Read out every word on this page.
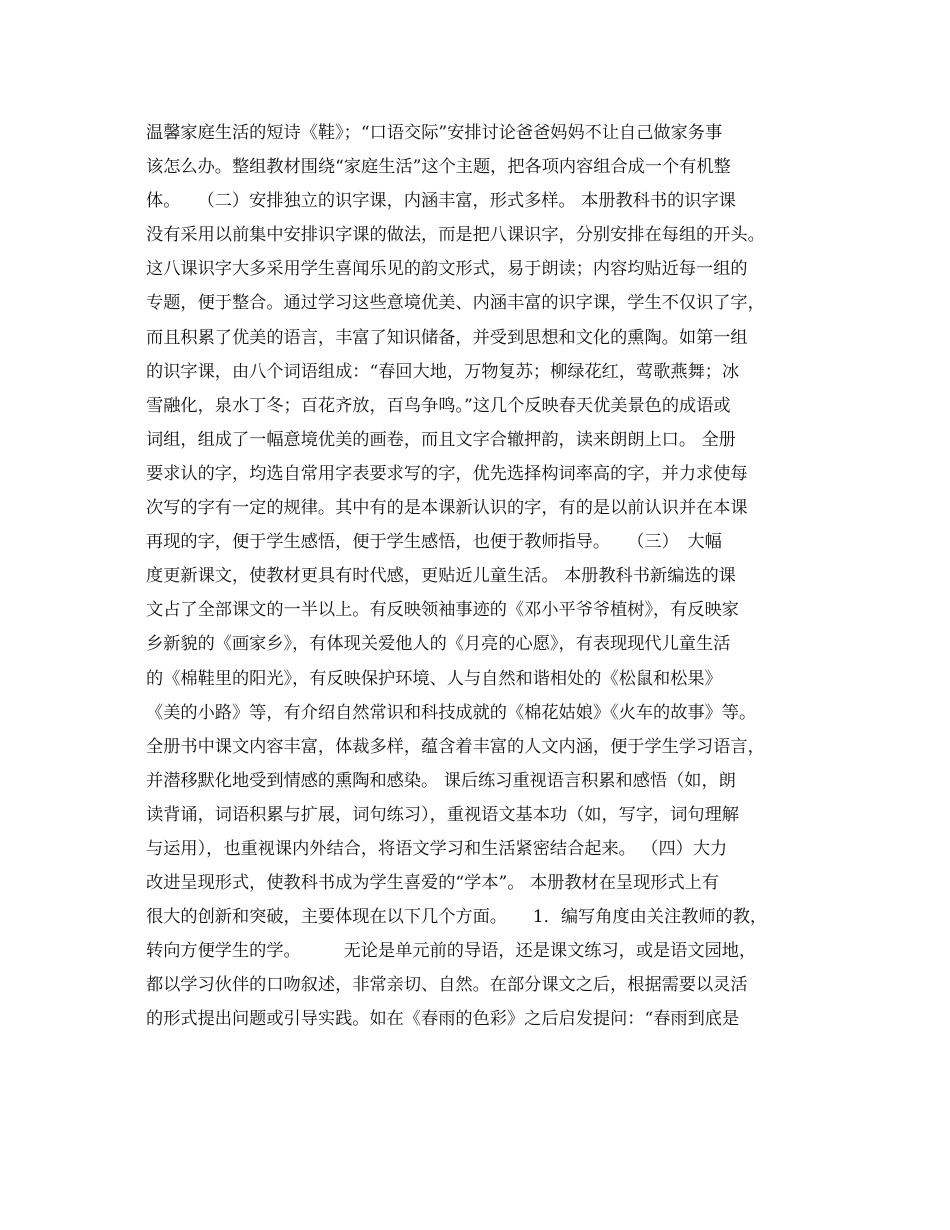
温馨家庭生活的短诗《鞋》；“口语交际”安排讨论爸爸妈妈不让自己做家务事
该怎么办。整组教材围绕“家庭生活”这个主题，把各项内容组合成一个有机整
体。　　（二）安排独立的识字课，内涵丰富，形式多样。 本册教科书的识字课
没有采用以前集中安排识字课的做法，而是把八课识字，分别安排在每组的开头。
这八课识字大多采用学生喜闻乐见的韵文形式，易于朗读；内容均贴近每一组的
专题，便于整合。通过学习这些意境优美、内涵丰富的识字课，学生不仅识了字，
而且积累了优美的语言，丰富了知识储备，并受到思想和文化的熏陶。如第一组
的识字课，由八个词语组成：“春回大地，万物复苏；柳绿花红，莺歌燕舞；冰
雪融化，泉水丁冬；百花齐放，百鸟争鸣。”这几个反映春天优美景色的成语或
词组，组成了一幅意境优美的画卷，而且文字合辙押韵，读来朗朗上口。 全册
要求认的字，均选自常用字表要求写的字，优先选择构词率高的字，并力求使每
次写的字有一定的规律。其中有的是本课新认识的字，有的是以前认识并在本课
再现的字，便于学生感悟，便于学生感悟，也便于教师指导。　　（三）　大幅
度更新课文，使教材更具有时代感，更贴近儿童生活。 本册教科书新编选的课
文占了全部课文的一半以上。有反映领袖事迹的《邓小平爷爷植树》，有反映家
乡新貌的《画家乡》，有体现关爱他人的《月亮的心愿》，有表现现代儿童生活
的《棉鞋里的阳光》，有反映保护环境、人与自然和谐相处的《松鼠和松果》
《美的小路》等，有介绍自然常识和科技成就的《棉花姑娘》《火车的故事》等。
全册书中课文内容丰富，体裁多样，蕴含着丰富的人文内涵，便于学生学习语言，
并潜移默化地受到情感的熏陶和感染。 课后练习重视语言积累和感悟（如，朗
读背诵，词语积累与扩展，词句练习），重视语文基本功（如，写字，词句理解
与运用），也重视课内外结合，将语文学习和生活紧密结合起来。 （四）大力
改进呈现形式，使教科书成为学生喜爱的“学本”。 本册教材在呈现形式上有
很大的创新和突破，主要体现在以下几个方面。　　1．编写角度由关注教师的教，
转向方便学生的学。　　　无论是单元前的导语，还是课文练习，或是语文园地，
都以学习伙伴的口吻叙述，非常亲切、自然。在部分课文之后，根据需要以灵活
的形式提出问题或引导实践。如在《春雨的色彩》之后启发提问：“春雨到底是
